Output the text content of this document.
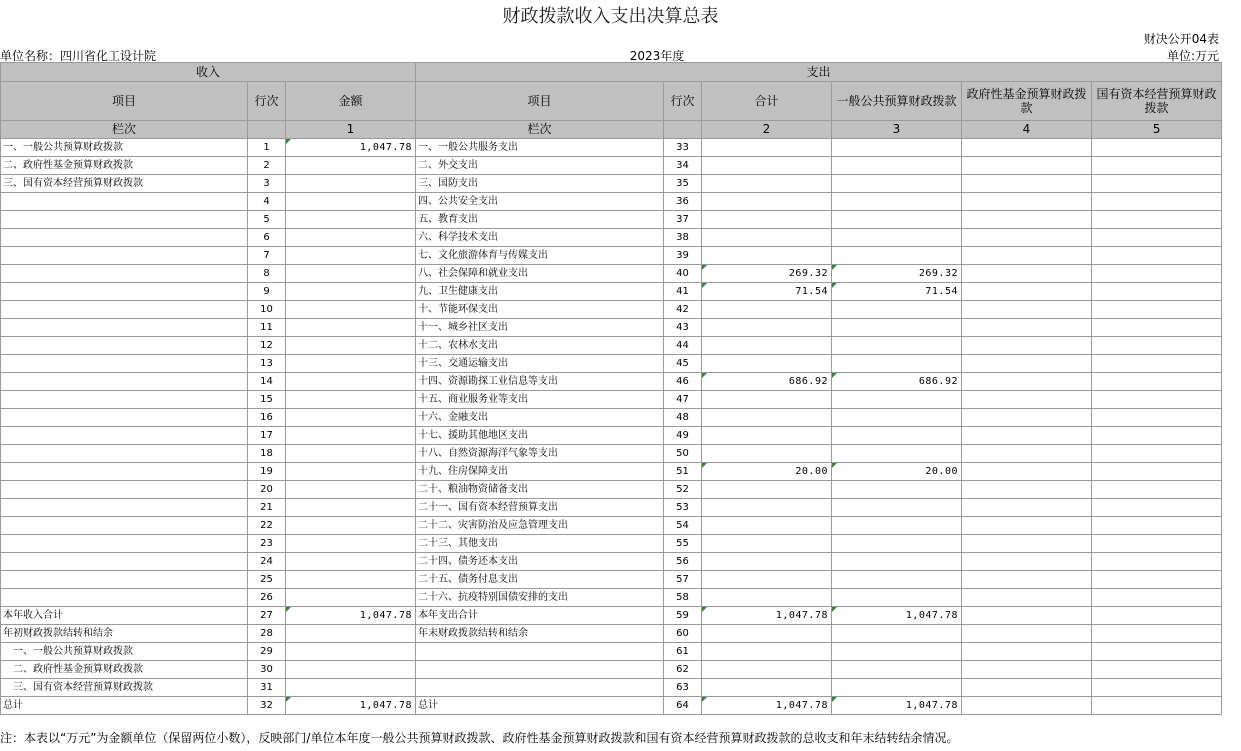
财政拨款收入支出决算总表
财决公开04表
单位:万元
单位名称：四川省化工设计院	2023年度
收入			支出					
项目	行次	金额	项目	行次	合计	一般公共预算财政拨款	政府性基金预算财政拨款	国有资本经营预算财政拨款
栏次		1	栏次		2	3	4	5
一、一般公共预算财政拨款	1	1,047.78	一、一般公共服务支出	33				
二、政府性基金预算财政拨款	2		二、外交支出	34				
三、国有资本经营预算财政拨款	3		三、国防支出	35				
	4		四、公共安全支出	36				
	5		五、教育支出	37				
	6		六、科学技术支出	38				
	7		七、文化旅游体育与传媒支出	39				
	8		八、社会保障和就业支出	40	269.32	269.32		
	9		九、卫生健康支出	41	71.54	71.54		
	10		十、节能环保支出	42				
	11		十一、城乡社区支出	43				
	12		十二、农林水支出	44				
	13		十三、交通运输支出	45				
	14		十四、资源勘探工业信息等支出	46	686.92	686.92		
	15		十五、商业服务业等支出	47				
	16		十六、金融支出	48				
	17		十七、援助其他地区支出	49				
	18		十八、自然资源海洋气象等支出	50				
	19		十九、住房保障支出	51	20.00	20.00		
	20		二十、粮油物资储备支出	52				
	21		二十一、国有资本经营预算支出	53				
	22		二十二、灾害防治及应急管理支出	54				
	23		二十三、其他支出	55				
	24		二十四、债务还本支出	56				
	25		二十五、债务付息支出	57				
	26		二十六、抗疫特别国债安排的支出	58				
本年收入合计	27	1,047.78	本年支出合计	59	1,047.78	1,047.78		
年初财政拨款结转和结余	28		年末财政拨款结转和结余	60				
　一、一般公共预算财政拨款	29			61				
　二、政府性基金预算财政拨款	30			62				
　三、国有资本经营预算财政拨款	31			63				
总计	32	1,047.78	总计	64	1,047.78	1,047.78		
注：本表以“万元”为金额单位（保留两位小数），反映部门/单位本年度一般公共预算财政拨款、政府性基金预算财政拨款和国有资本经营预算财政拨款的总收支和年末结转结余情况。
